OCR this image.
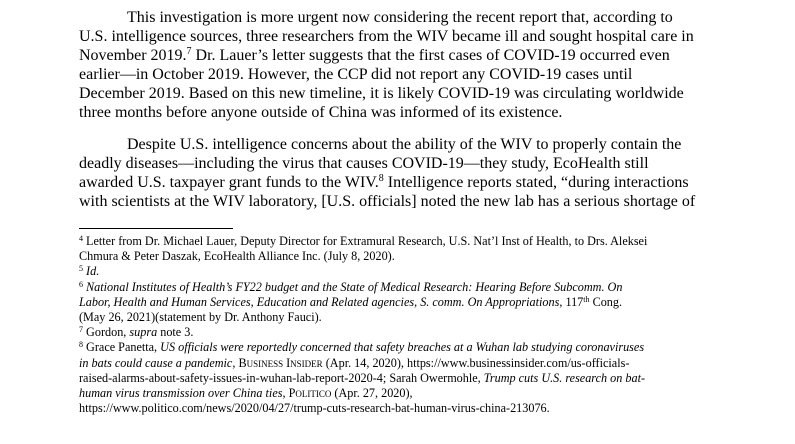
This investigation is more urgent now considering the recent report that, according to
U.S. intelligence sources, three researchers from the WIV became ill and sought hospital care in
November 2019.$^7$ Dr. Lauer’s letter suggests that the first cases of COVID-19 occurred even
earlier—in October 2019. However, the CCP did not report any COVID-19 cases until
December 2019. Based on this new timeline, it is likely COVID-19 was circulating worldwide
three months before anyone outside of China was informed of its existence.
Despite U.S. intelligence concerns about the ability of the WIV to properly contain the
deadly diseases—including the virus that causes COVID-19—they study, EcoHealth still
awarded U.S. taxpayer grant funds to the WIV.$^8$ Intelligence reports stated, “during interactions
with scientists at the WIV laboratory, [U.S. officials] noted the new lab has a serious shortage of
$^4$ Letter from Dr. Michael Lauer, Deputy Director for Extramural Research, U.S. Nat’l Inst of Health, to Drs. Aleksei
Chmura & Peter Daszak, EcoHealth Alliance Inc. (July 8, 2020).
$^5$ Id.
$^6$ National Institutes of Health’s FY22 budget and the State of Medical Research: Hearing Before Subcomm. On
Labor, Health and Human Services, Education and Related agencies, S. comm. On Appropriations, 117th Cong.
(May 26, 2021)(statement by Dr. Anthony Fauci).
$^7$ Gordon, supra note 3.
$^8$ Grace Panetta, US officials were reportedly concerned that safety breaches at a Wuhan lab studying coronaviruses
in bats could cause a pandemic, Business Insider (Apr. 14, 2020), https://www.businessinsider.com/us-officials-
raised-alarms-about-safety-issues-in-wuhan-lab-report-2020-4; Sarah Owermohle, Trump cuts U.S. research on bat-
human virus transmission over China ties, Politico (Apr. 27, 2020),
https://www.politico.com/news/2020/04/27/trump-cuts-research-bat-human-virus-china-213076.
